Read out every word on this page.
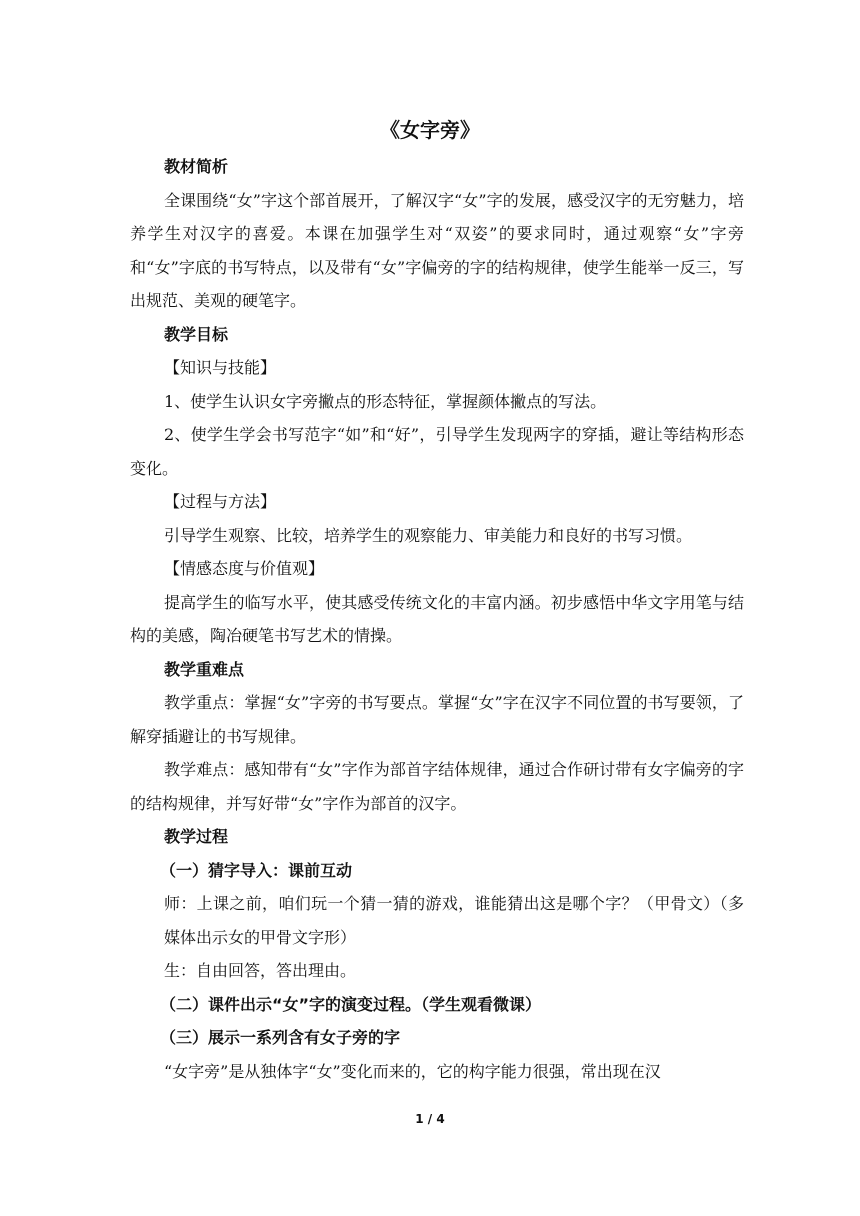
《女字旁》

教材简析

全课围绕“女”字这个部首展开，了解汉字“女”字的发展，感受汉字的无穷魅力，培养学生对汉字的喜爱。本课在加强学生对“双姿”的要求同时，通过观察“女”字旁和“女”字底的书写特点，以及带有“女”字偏旁的字的结构规律，使学生能举一反三，写出规范、美观的硬笔字。

教学目标

【知识与技能】

1、使学生认识女字旁撇点的形态特征，掌握颜体撇点的写法。

2、使学生学会书写范字“如”和“好”，引导学生发现两字的穿插，避让等结构形态变化。

【过程与方法】

引导学生观察、比较，培养学生的观察能力、审美能力和良好的书写习惯。

【情感态度与价值观】

提高学生的临写水平，使其感受传统文化的丰富内涵。初步感悟中华文字用笔与结构的美感，陶冶硬笔书写艺术的情操。

教学重难点

教学重点：掌握“女”字旁的书写要点。掌握“女”字在汉字不同位置的书写要领，了解穿插避让的书写规律。

教学难点：感知带有“女”字作为部首字结体规律，通过合作研讨带有女字偏旁的字的结构规律，并写好带“女”字作为部首的汉字。

教学过程

（一）猜字导入：课前互动

师：上课之前，咱们玩一个猜一猜的游戏，谁能猜出这是哪个字？（甲骨文）（多媒体出示女的甲骨文字形）

生：自由回答，答出理由。

（二）课件出示“女”字的演变过程。（学生观看微课）

（三）展示一系列含有女子旁的字

“女字旁”是从独体字“女”变化而来的，它的构字能力很强，常出现在汉

1 / 4
